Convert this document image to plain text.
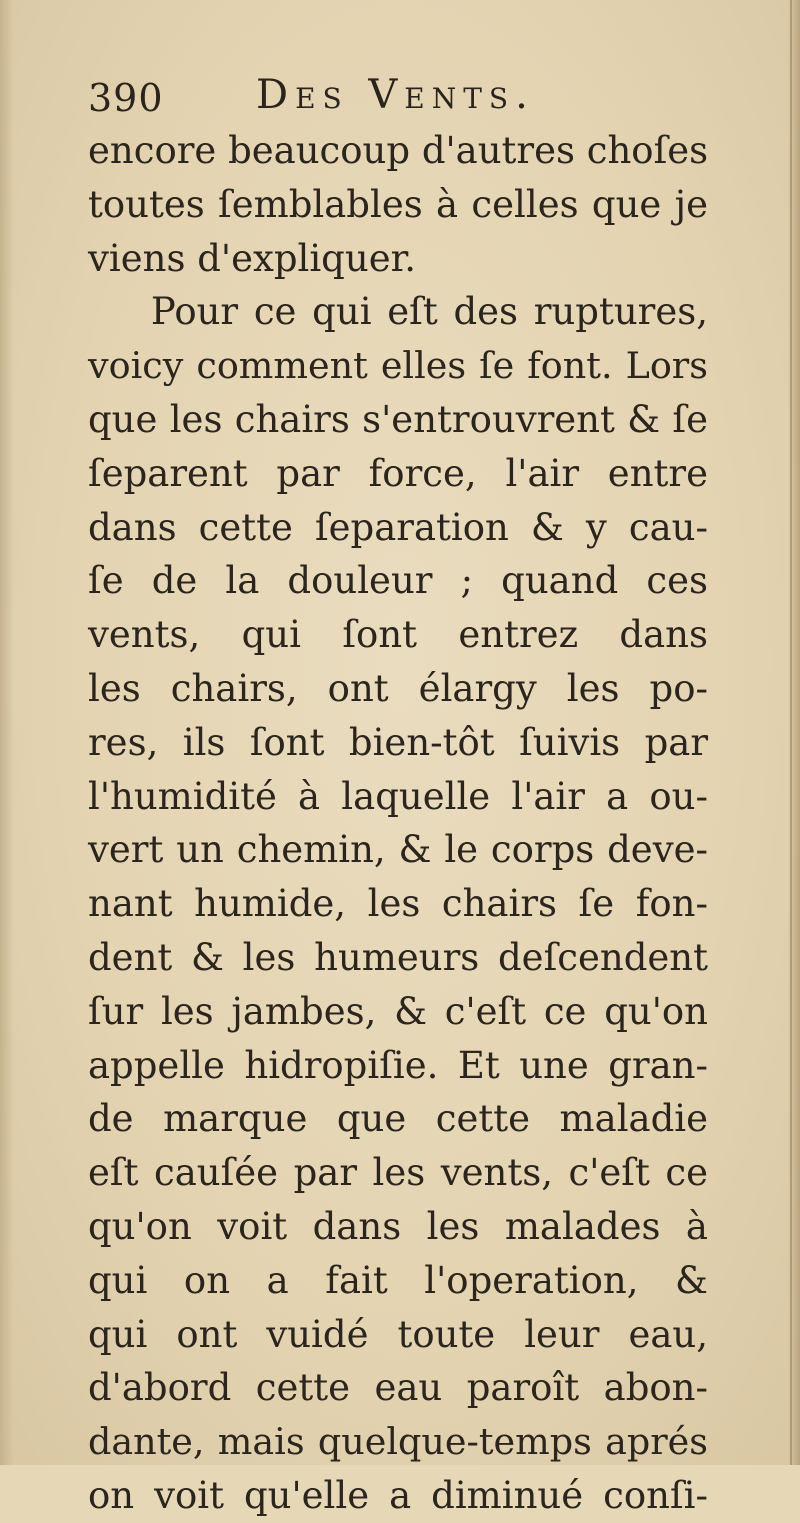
390 Des Vents.
encore beaucoup d'autres choſes
toutes ſemblables à celles que je
viens d'expliquer.
Pour ce qui eſt des ruptures,
voicy comment elles ſe font. Lors
que les chairs s'entrouvrent & ſe
ſeparent par force, l'air entre
dans cette ſeparation & y cau-
ſe de la douleur ; quand ces
vents, qui ſont entrez dans
les chairs, ont élargy les po-
res, ils ſont bien-tôt ſuivis par
l'humidité à laquelle l'air a ou-
vert un chemin, & le corps deve-
nant humide, les chairs ſe fon-
dent & les humeurs deſcendent
ſur les jambes, & c'eſt ce qu'on
appelle hidropiſie. Et une gran-
de marque que cette maladie
eſt cauſée par les vents, c'eſt ce
qu'on voit dans les malades à
qui on a fait l'operation, &
qui ont vuidé toute leur eau,
d'abord cette eau paroît abon-
dante, mais quelque-temps aprés
on voit qu'elle a diminué conſi-
